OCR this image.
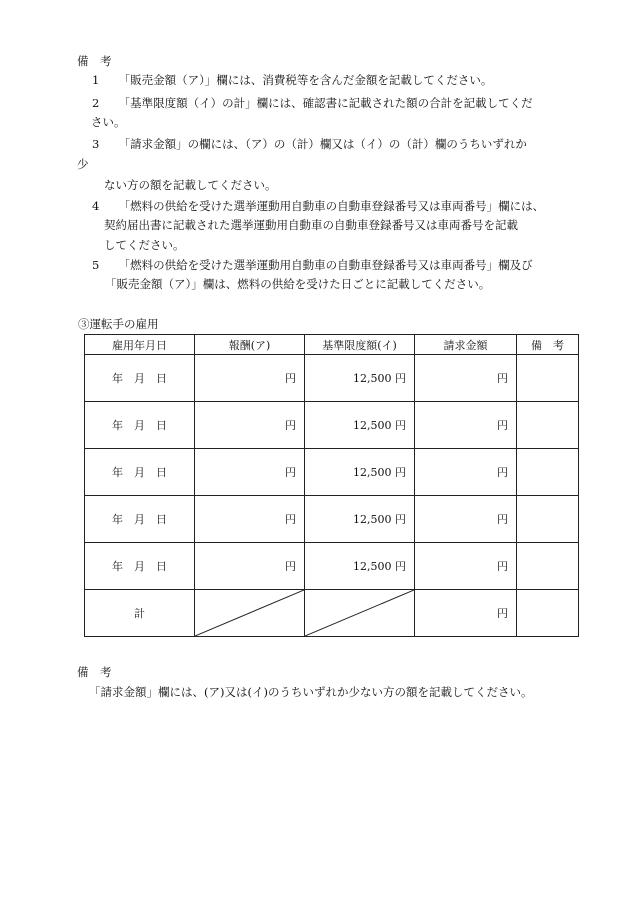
備　考
1 「販売金額（ア）」欄には、消費税等を含んだ金額を記載してください。
2 「基準限度額（イ）の計」欄には、確認書に記載された額の合計を記載してくだ
さい。
3 「請求金額」の欄には、（ア）の（計）欄又は（イ）の（計）欄のうちいずれか
少
ない方の額を記載してください。
4 「燃料の供給を受けた選挙運動用自動車の自動車登録番号又は車両番号」欄には、
契約届出書に記載された選挙運動用自動車の自動車登録番号又は車両番号を記載
してください。
5 「燃料の供給を受けた選挙運動用自動車の自動車登録番号又は車両番号」欄及び
「販売金額（ア）」欄は、燃料の供給を受けた日ごとに記載してください。
③運転手の雇用
雇用年月日	報酬(ア)	基準限度額(イ)	請求金額	備　考
年　月　日	円	12,500 円	円	
年　月　日	円	12,500 円	円	
年　月　日	円	12,500 円	円	
年　月　日	円	12,500 円	円	
年　月　日	円	12,500 円	円	
計			円	
備　考
「請求金額」欄には、(ア)又は(イ)のうちいずれか少ない方の額を記載してください。
